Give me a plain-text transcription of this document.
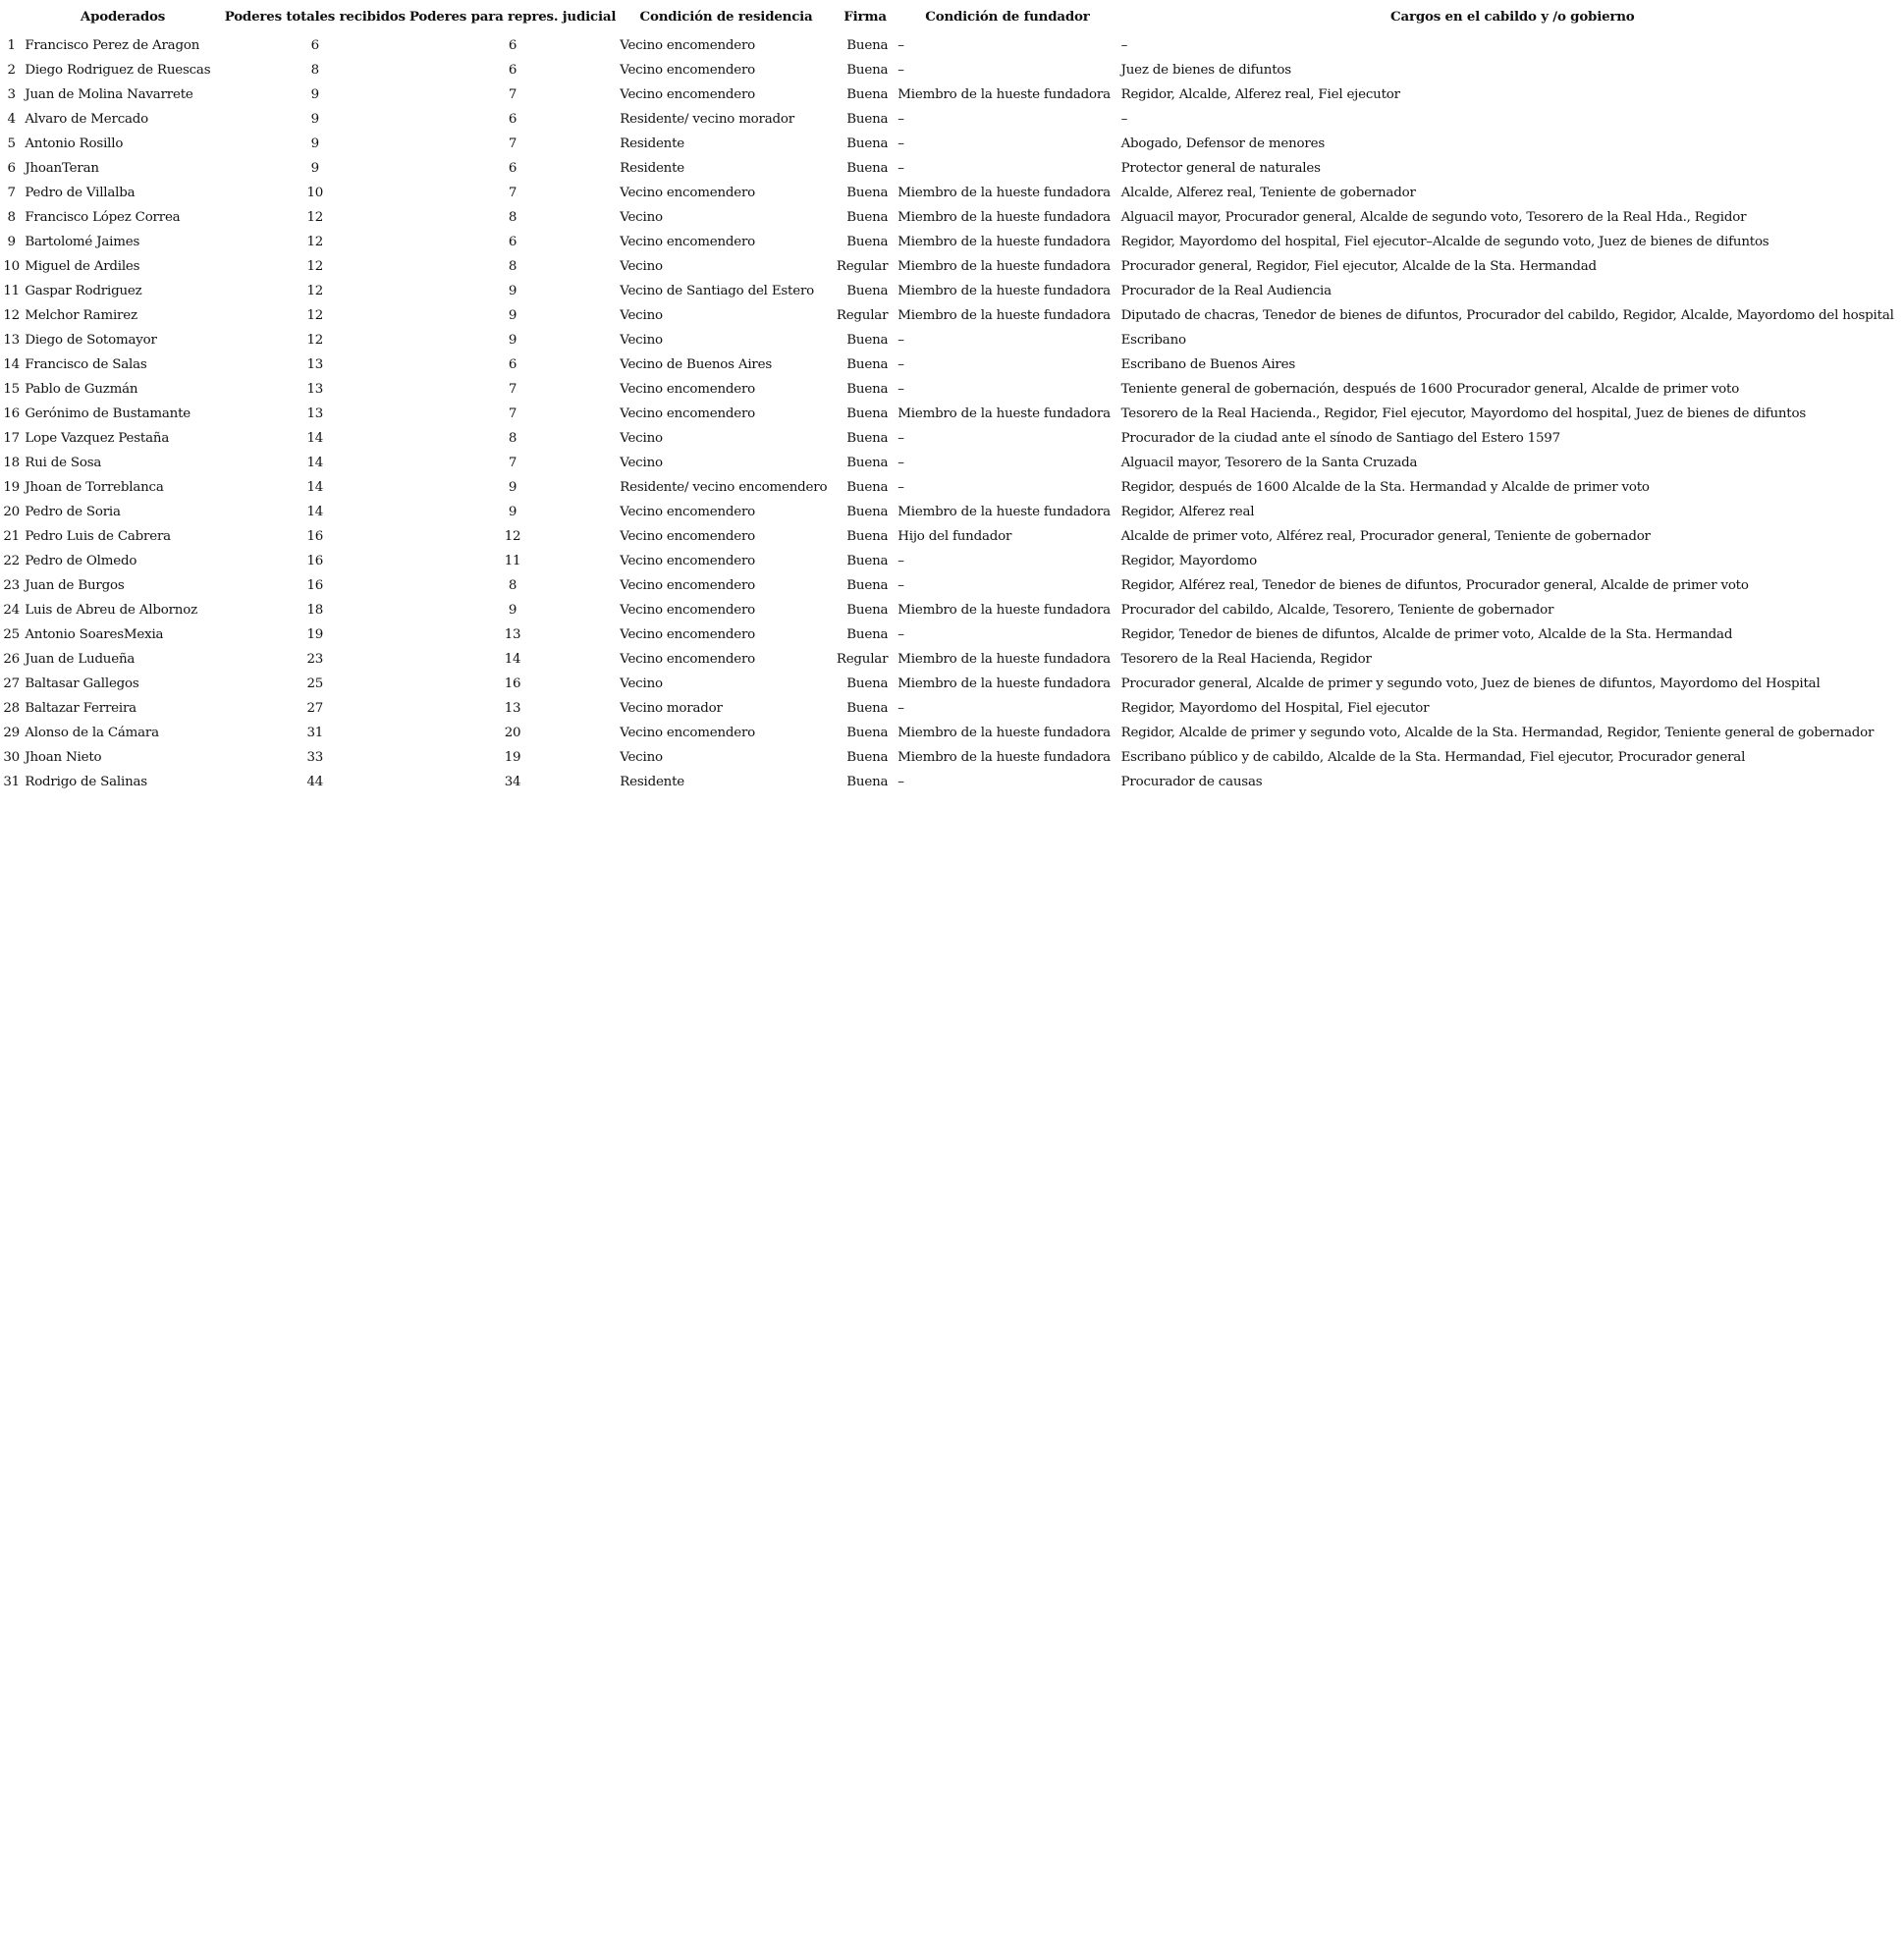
	Apoderados	Poderes totales recibidos	Poderes para repres. judicial	Condición de residencia	Firma	Condición de fundador	Cargos en el cabildo y /o gobierno
1	Francisco Perez de Aragon	6	6	Vecino encomendero	Buena	–	–
2	Diego Rodriguez de Ruescas	8	6	Vecino encomendero	Buena	–	Juez de bienes de difuntos
3	Juan de Molina Navarrete	9	7	Vecino encomendero	Buena	Miembro de la hueste fundadora	Regidor, Alcalde, Alferez real, Fiel ejecutor
4	Alvaro de Mercado	9	6	Residente/ vecino morador	Buena	–	–
5	Antonio Rosillo	9	7	Residente	Buena	–	Abogado, Defensor de menores
6	JhoanTeran	9	6	Residente	Buena	–	Protector general de naturales
7	Pedro de Villalba	10	7	Vecino encomendero	Buena	Miembro de la hueste fundadora	Alcalde, Alferez real, Teniente de gobernador
8	Francisco López Correa	12	8	Vecino	Buena	Miembro de la hueste fundadora	Alguacil mayor, Procurador general, Alcalde de segundo voto, Tesorero de la Real Hda., Regidor
9	Bartolomé Jaimes	12	6	Vecino encomendero	Buena	Miembro de la hueste fundadora	Regidor, Mayordomo del hospital, Fiel ejecutor–Alcalde de segundo voto, Juez de bienes de difuntos
10	Miguel de Ardiles	12	8	Vecino	Regular	Miembro de la hueste fundadora	Procurador general, Regidor, Fiel ejecutor, Alcalde de la Sta. Hermandad
11	Gaspar Rodriguez	12	9	Vecino de Santiago del Estero	Buena	Miembro de la hueste fundadora	Procurador de la Real Audiencia
12	Melchor Ramirez	12	9	Vecino	Regular	Miembro de la hueste fundadora	Diputado de chacras, Tenedor de bienes de difuntos, Procurador del cabildo, Regidor, Alcalde, Mayordomo del hospital
13	Diego de Sotomayor	12	9	Vecino	Buena	–	Escribano
14	Francisco de Salas	13	6	Vecino de Buenos Aires	Buena	–	Escribano de Buenos Aires
15	Pablo de Guzmán	13	7	Vecino encomendero	Buena	–	Teniente general de gobernación, después de 1600 Procurador general, Alcalde de primer voto
16	Gerónimo de Bustamante	13	7	Vecino encomendero	Buena	Miembro de la hueste fundadora	Tesorero de la Real Hacienda., Regidor, Fiel ejecutor, Mayordomo del hospital, Juez de bienes de difuntos
17	Lope Vazquez Pestaña	14	8	Vecino	Buena	–	Procurador de la ciudad ante el sínodo de Santiago del Estero 1597
18	Rui de Sosa	14	7	Vecino	Buena	–	Alguacil mayor, Tesorero de la Santa Cruzada
19	Jhoan de Torreblanca	14	9	Residente/ vecino encomendero	Buena	–	Regidor, después de 1600 Alcalde de la Sta. Hermandad y Alcalde de primer voto
20	Pedro de Soria	14	9	Vecino encomendero	Buena	Miembro de la hueste fundadora	Regidor, Alferez real
21	Pedro Luis de Cabrera	16	12	Vecino encomendero	Buena	Hijo del fundador	Alcalde de primer voto, Alférez real, Procurador general, Teniente de gobernador
22	Pedro de Olmedo	16	11	Vecino encomendero	Buena	–	Regidor, Mayordomo
23	Juan de Burgos	16	8	Vecino encomendero	Buena	–	Regidor, Alférez real, Tenedor de bienes de difuntos, Procurador general, Alcalde de primer voto
24	Luis de Abreu de Albornoz	18	9	Vecino encomendero	Buena	Miembro de la hueste fundadora	Procurador del cabildo, Alcalde, Tesorero, Teniente de gobernador
25	Antonio SoaresMexia	19	13	Vecino encomendero	Buena	–	Regidor, Tenedor de bienes de difuntos, Alcalde de primer voto, Alcalde de la Sta. Hermandad
26	Juan de Ludueña	23	14	Vecino encomendero	Regular	Miembro de la hueste fundadora	Tesorero de la Real Hacienda, Regidor
27	Baltasar Gallegos	25	16	Vecino	Buena	Miembro de la hueste fundadora	Procurador general, Alcalde de primer y segundo voto, Juez de bienes de difuntos, Mayordomo del Hospital
28	Baltazar Ferreira	27	13	Vecino morador	Buena	–	Regidor, Mayordomo del Hospital, Fiel ejecutor
29	Alonso de la Cámara	31	20	Vecino encomendero	Buena	Miembro de la hueste fundadora	Regidor, Alcalde de primer y segundo voto, Alcalde de la Sta. Hermandad, Regidor, Teniente general de gobernador
30	Jhoan Nieto	33	19	Vecino	Buena	Miembro de la hueste fundadora	Escribano público y de cabildo, Alcalde de la Sta. Hermandad, Fiel ejecutor, Procurador general
31	Rodrigo de Salinas	44	34	Residente	Buena	–	Procurador de causas
